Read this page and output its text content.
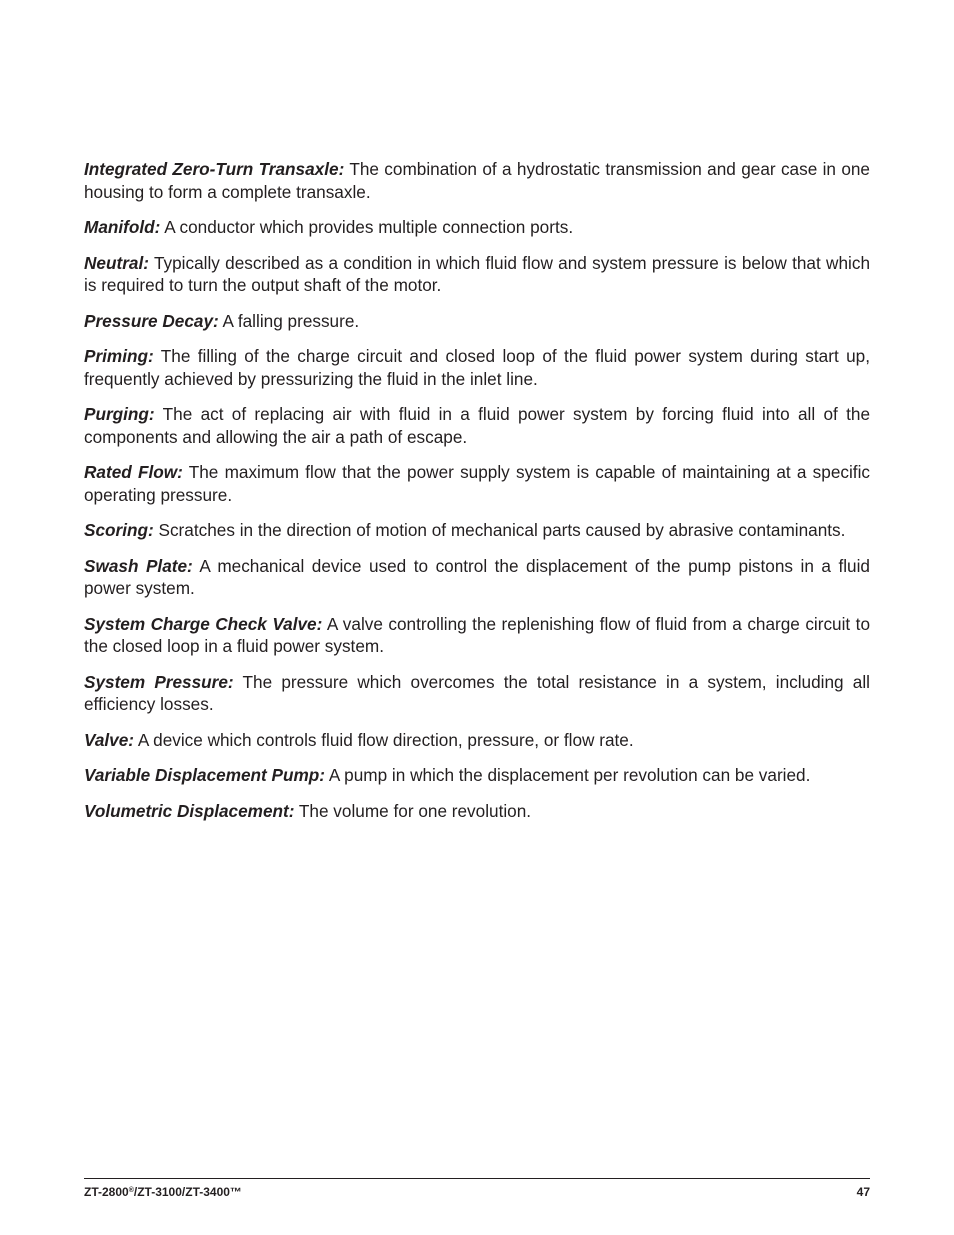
Integrated Zero-Turn Transaxle: The combination of a hydrostatic transmission and gear case in one housing to form a complete transaxle.

Manifold: A conductor which provides multiple connection ports.

Neutral: Typically described as a condition in which fluid flow and system pressure is below that which is required to turn the output shaft of the motor.

Pressure Decay: A falling pressure.

Priming: The filling of the charge circuit and closed loop of the fluid power system during start up, frequently achieved by pressurizing the fluid in the inlet line.

Purging: The act of replacing air with fluid in a fluid power system by forcing fluid into all of the components and allowing the air a path of escape.

Rated Flow: The maximum flow that the power supply system is capable of maintaining at a specific operating pressure.

Scoring: Scratches in the direction of motion of mechanical parts caused by abrasive contaminants.

Swash Plate: A mechanical device used to control the displacement of the pump pistons in a fluid power system.

System Charge Check Valve: A valve controlling the replenishing flow of fluid from a charge circuit to the closed loop in a fluid power system.

System Pressure: The pressure which overcomes the total resistance in a system, including all efficiency losses.

Valve: A device which controls fluid flow direction, pressure, or flow rate.

Variable Displacement Pump: A pump in which the displacement per revolution can be varied.

Volumetric Displacement: The volume for one revolution.

ZT-2800®/ZT-3100/ZT-3400™	47
